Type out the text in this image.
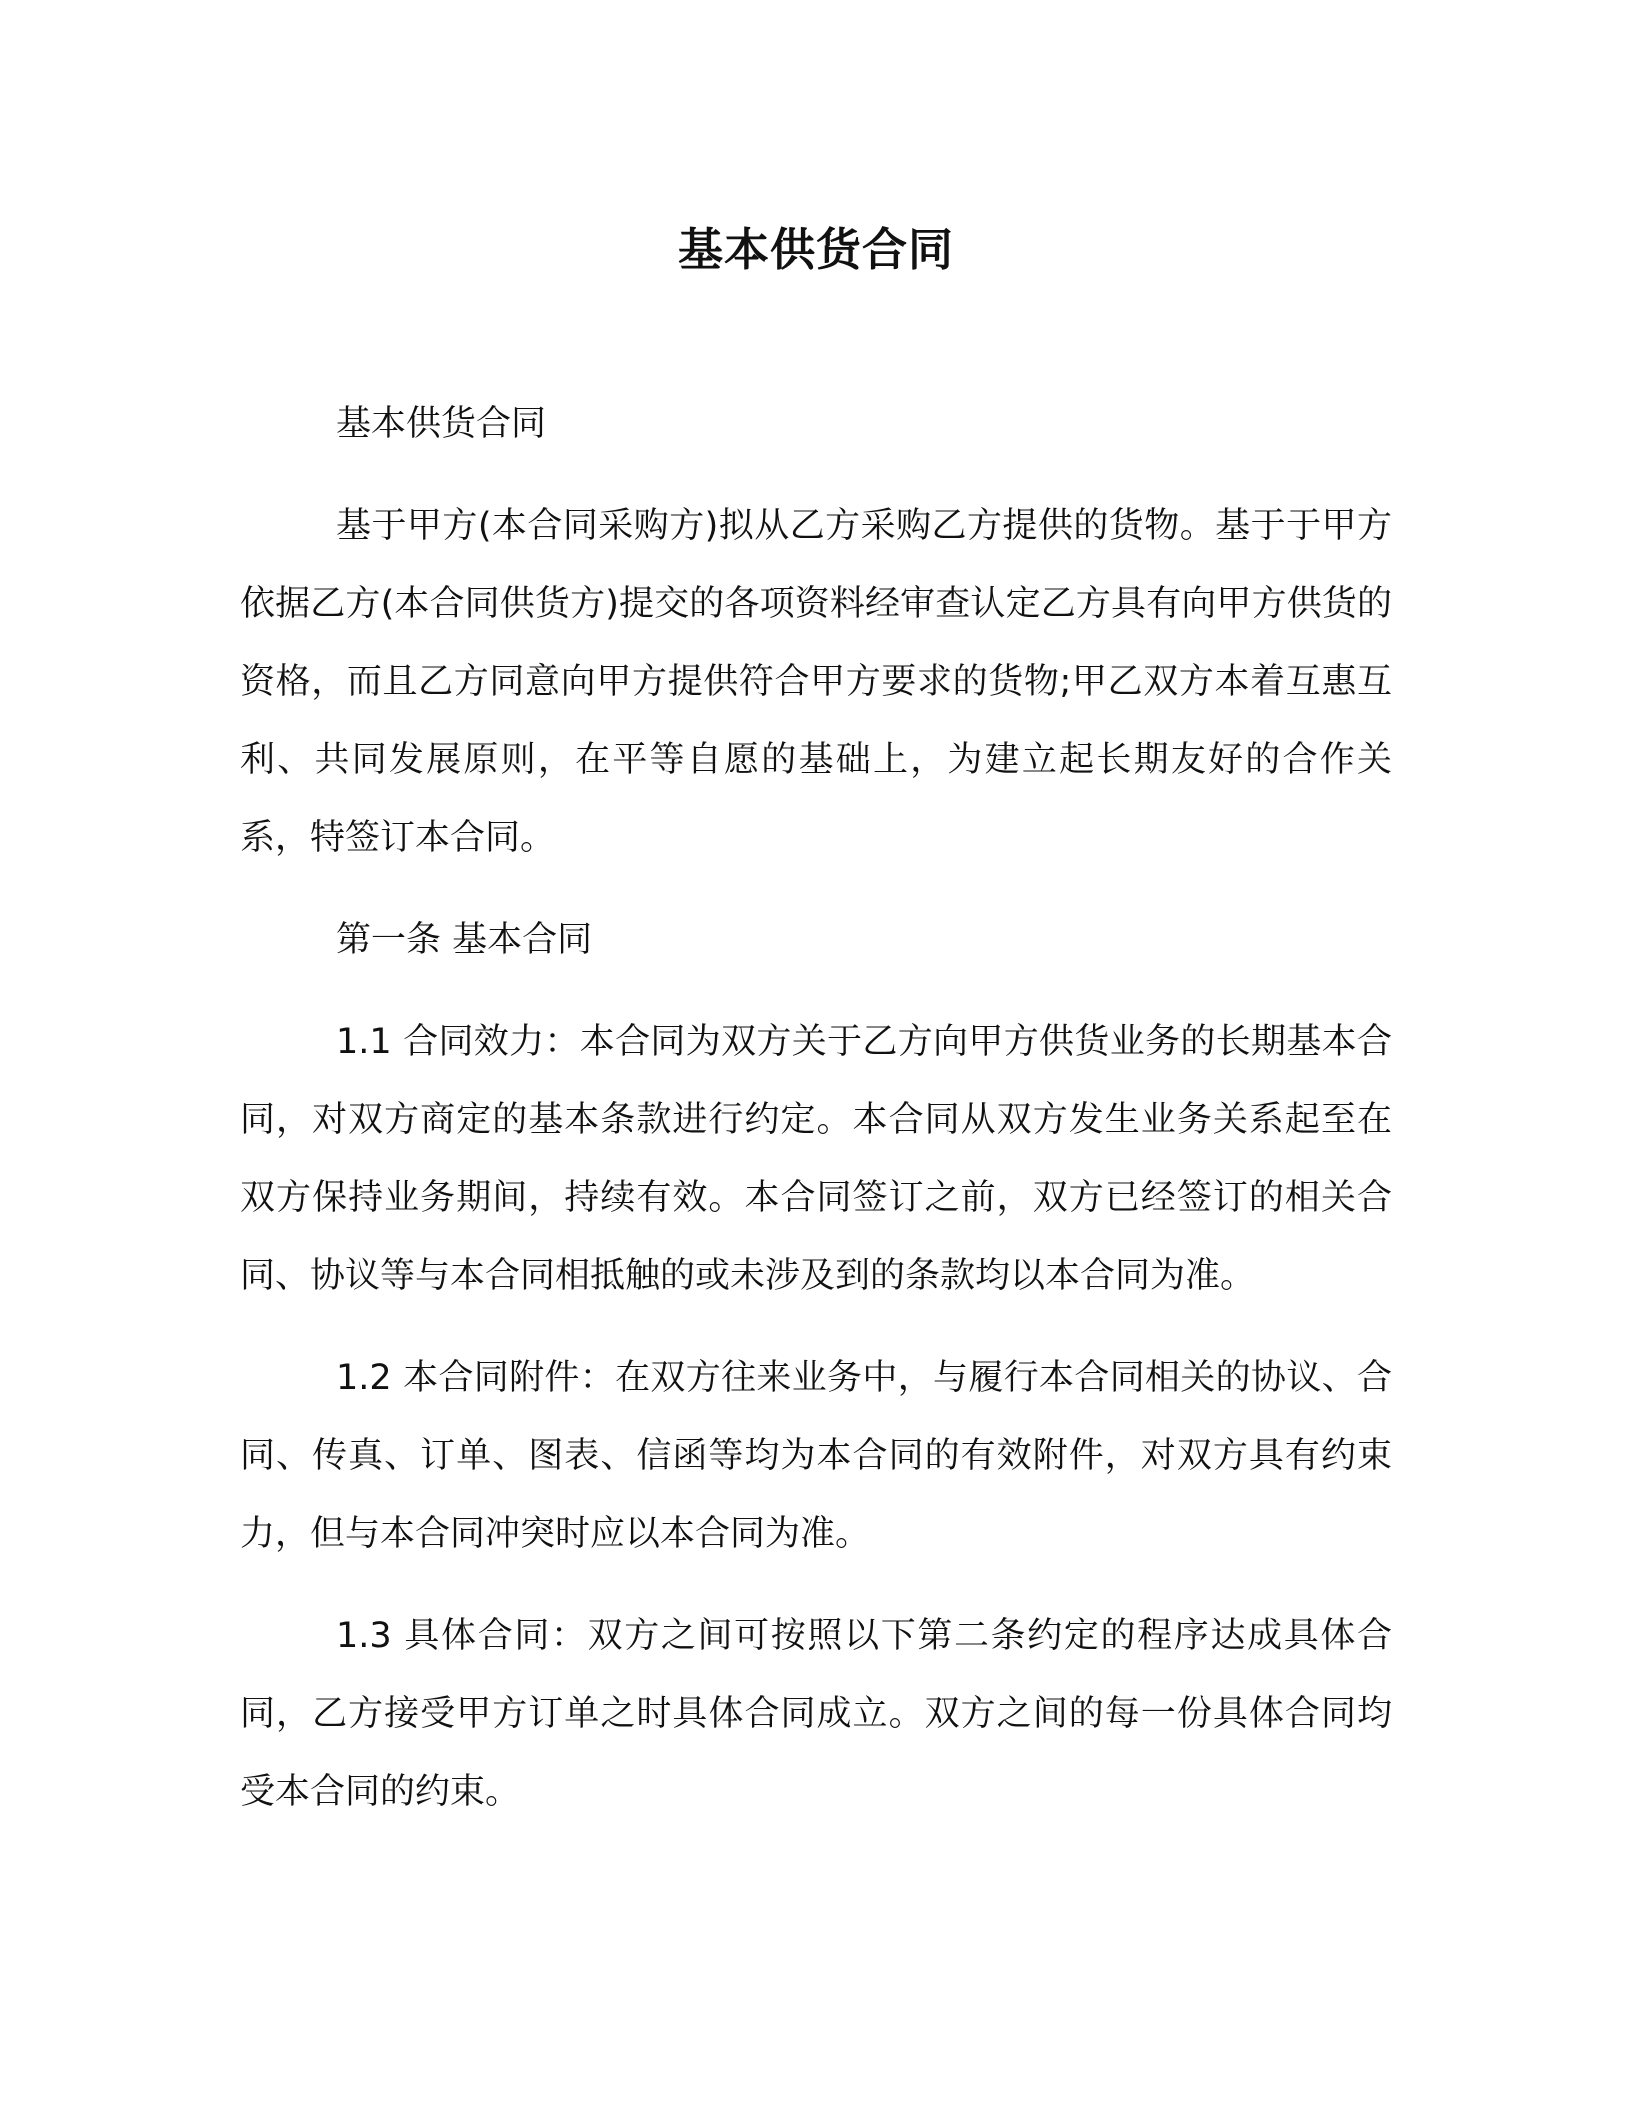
基本供货合同

基本供货合同

基于甲方(本合同采购方)拟从乙方采购乙方提供的货物。基于于甲方依据乙方(本合同供货方)提交的各项资料经审查认定乙方具有向甲方供货的资格，而且乙方同意向甲方提供符合甲方要求的货物;甲乙双方本着互惠互利、共同发展原则，在平等自愿的基础上，为建立起长期友好的合作关系，特签订本合同。

第一条 基本合同

1.1 合同效力：本合同为双方关于乙方向甲方供货业务的长期基本合同，对双方商定的基本条款进行约定。本合同从双方发生业务关系起至在双方保持业务期间，持续有效。本合同签订之前，双方已经签订的相关合同、协议等与本合同相抵触的或未涉及到的条款均以本合同为准。

1.2 本合同附件：在双方往来业务中，与履行本合同相关的协议、合同、传真、订单、图表、信函等均为本合同的有效附件，对双方具有约束力，但与本合同冲突时应以本合同为准。

1.3 具体合同：双方之间可按照以下第二条约定的程序达成具体合同，乙方接受甲方订单之时具体合同成立。双方之间的每一份具体合同均受本合同的约束。
